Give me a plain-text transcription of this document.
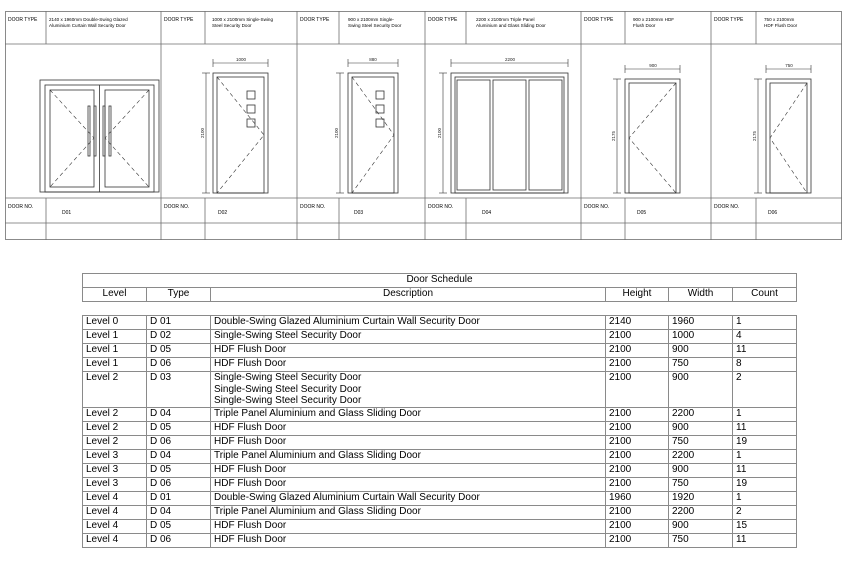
1000
2100
880
2100
2200
2100
900
2175
750
2175
DOOR TYPE	DOOR TYPE	DOOR TYPE	DOOR TYPE	DOOR TYPE	DOOR TYPE
2140 x 1960mm Double-Swing Glazed
Aluminium Curtain Wall Security Door
1000 x 2100mm Single-Swing
Steel Security Door
900 x 2100mm Single-
Swing Steel Security Door
2200 x 2100mm Triple Panel
Aluminium and Glass Sliding Door
900 x 2100mm HDF
Flush Door
750 x 2100mm
HDF Flush Door
DOOR NO.	DOOR NO.	DOOR NO.	DOOR NO.	DOOR NO.	DOOR NO.
D01	D02	D03	D04	D05	D06
Door Schedule					
Level	Type	Description	Height	Width	Count

Level 0	D 01	Double-Swing Glazed Aluminium Curtain Wall Security Door	2140	1960	1
Level 1	D 02	Single-Swing Steel Security Door	2100	1000	4
Level 1	D 05	HDF Flush Door	2100	900	11
Level 1	D 06	HDF Flush Door	2100	750	8
Level 2	D 03	Single-Swing Steel Security Door
Single-Swing Steel Security Door
Single-Swing Steel Security Door	2100	900	2
Level 2	D 04	Triple Panel Aluminium and Glass Sliding Door	2100	2200	1
Level 2	D 05	HDF Flush Door	2100	900	11
Level 2	D 06	HDF Flush Door	2100	750	19
Level 3	D 04	Triple Panel Aluminium and Glass Sliding Door	2100	2200	1
Level 3	D 05	HDF Flush Door	2100	900	11
Level 3	D 06	HDF Flush Door	2100	750	19
Level 4	D 01	Double-Swing Glazed Aluminium Curtain Wall Security Door	1960	1920	1
Level 4	D 04	Triple Panel Aluminium and Glass Sliding Door	2100	2200	2
Level 4	D 05	HDF Flush Door	2100	900	15
Level 4	D 06	HDF Flush Door	2100	750	11
